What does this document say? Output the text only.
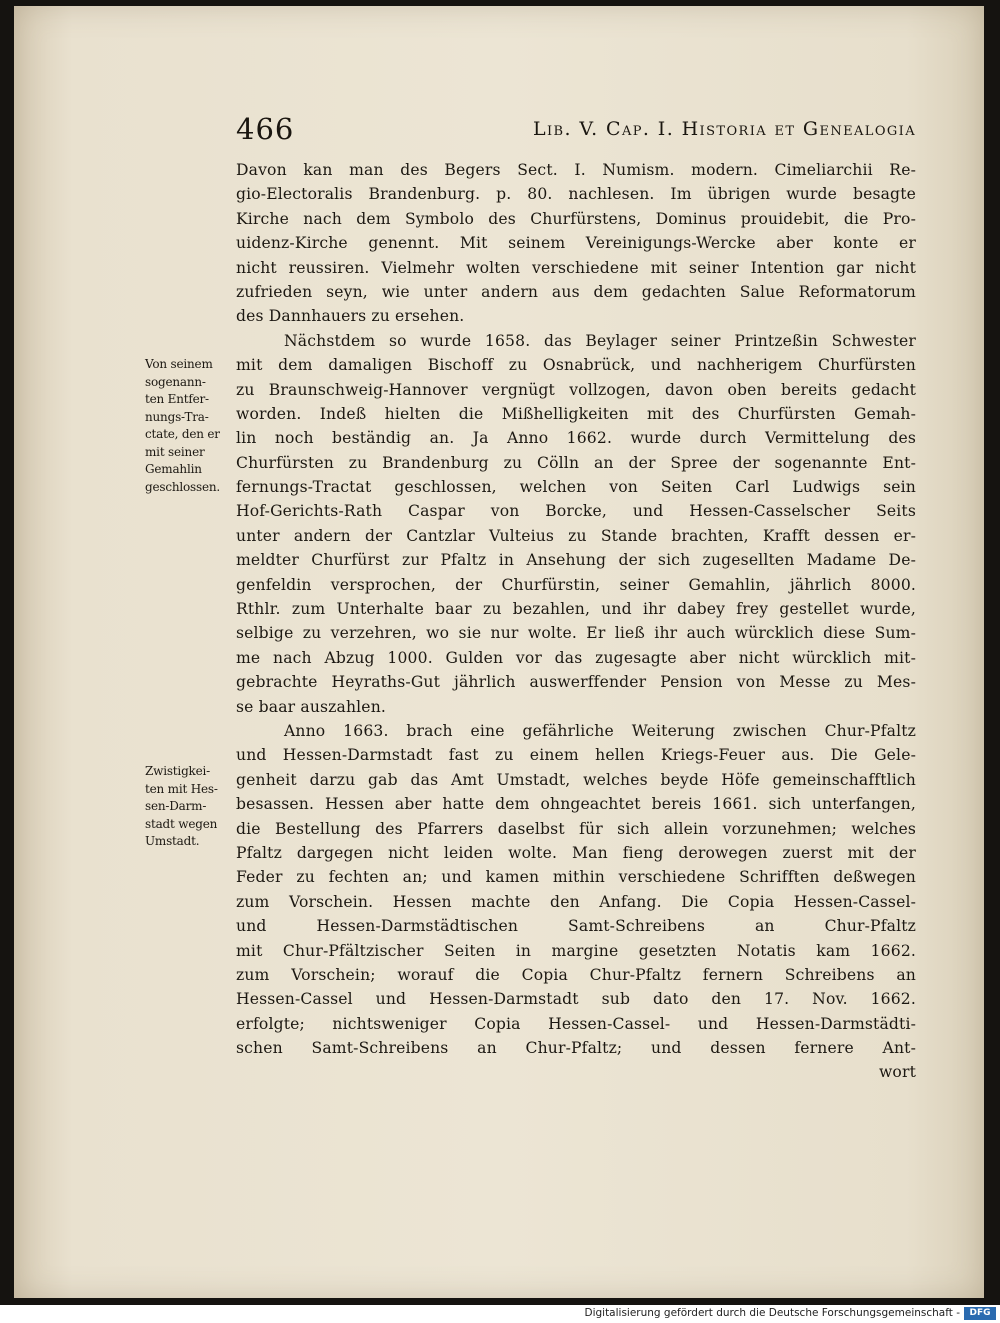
466	Lib. V. Cap. I. Historia et Genealogia
Von seinem
sogenann-
ten Entfer-
nungs-Tra-
ctate, den er
mit seiner
Gemahlin
geschlossen.
Zwistigkei-
ten mit Hes-
sen-Darm-
stadt wegen
Umstadt.
Davon kan man des Begers Sect. I. Numism. modern. Cimeliarchii Re-
gio-Electoralis Brandenburg. p. 80. nachlesen. Im übrigen wurde besagte
Kirche nach dem Symbolo des Churfürstens, Dominus prouidebit, die Pro-
uidenz-Kirche genennt. Mit seinem Vereinigungs-Wercke aber konte er
nicht reussiren. Vielmehr wolten verschiedene mit seiner Intention gar nicht
zufrieden seyn, wie unter andern aus dem gedachten Salue Reformatorum
des Dannhauers zu ersehen.
Nächstdem so wurde 1658. das Beylager seiner Printzeßin Schwester
mit dem damaligen Bischoff zu Osnabrück, und nachherigem Churfürsten
zu Braunschweig-Hannover vergnügt vollzogen, davon oben bereits gedacht
worden. Indeß hielten die Mißhelligkeiten mit des Churfürsten Gemah-
lin noch beständig an. Ja Anno 1662. wurde durch Vermittelung des
Churfürsten zu Brandenburg zu Cölln an der Spree der sogenannte Ent-
fernungs-Tractat geschlossen, welchen von Seiten Carl Ludwigs sein
Hof-Gerichts-Rath Caspar von Borcke, und Hessen-Casselscher Seits
unter andern der Cantzlar Vulteius zu Stande brachten, Krafft dessen er-
meldter Churfürst zur Pfaltz in Ansehung der sich zugesellten Madame De-
genfeldin versprochen, der Churfürstin, seiner Gemahlin, jährlich 8000.
Rthlr. zum Unterhalte baar zu bezahlen, und ihr dabey frey gestellet wurde,
selbige zu verzehren, wo sie nur wolte. Er ließ ihr auch würcklich diese Sum-
me nach Abzug 1000. Gulden vor das zugesagte aber nicht würcklich mit-
gebrachte Heyraths-Gut jährlich auswerffender Pension von Messe zu Mes-
se baar auszahlen.
Anno 1663. brach eine gefährliche Weiterung zwischen Chur-Pfaltz
und Hessen-Darmstadt fast zu einem hellen Kriegs-Feuer aus. Die Gele-
genheit darzu gab das Amt Umstadt, welches beyde Höfe gemeinschafftlich
besassen. Hessen aber hatte dem ohngeachtet bereis 1661. sich unterfangen,
die Bestellung des Pfarrers daselbst für sich allein vorzunehmen; welches
Pfaltz dargegen nicht leiden wolte. Man fieng derowegen zuerst mit der
Feder zu fechten an; und kamen mithin verschiedene Schrifften deßwegen
zum Vorschein. Hessen machte den Anfang. Die Copia Hessen-Cassel-
und Hessen-Darmstädtischen Samt-Schreibens an Chur-Pfaltz
mit Chur-Pfältzischer Seiten in margine gesetzten Notatis kam 1662.
zum Vorschein; worauf die Copia Chur-Pfaltz fernern Schreibens an
Hessen-Cassel und Hessen-Darmstadt sub dato den 17. Nov. 1662.
erfolgte; nichtsweniger Copia Hessen-Cassel- und Hessen-Darmstädti-
schen Samt-Schreibens an Chur-Pfaltz; und dessen fernere Ant-
wort
Digitalisierung gefördert durch die Deutsche Forschungsgemeinschaft -	DFG
